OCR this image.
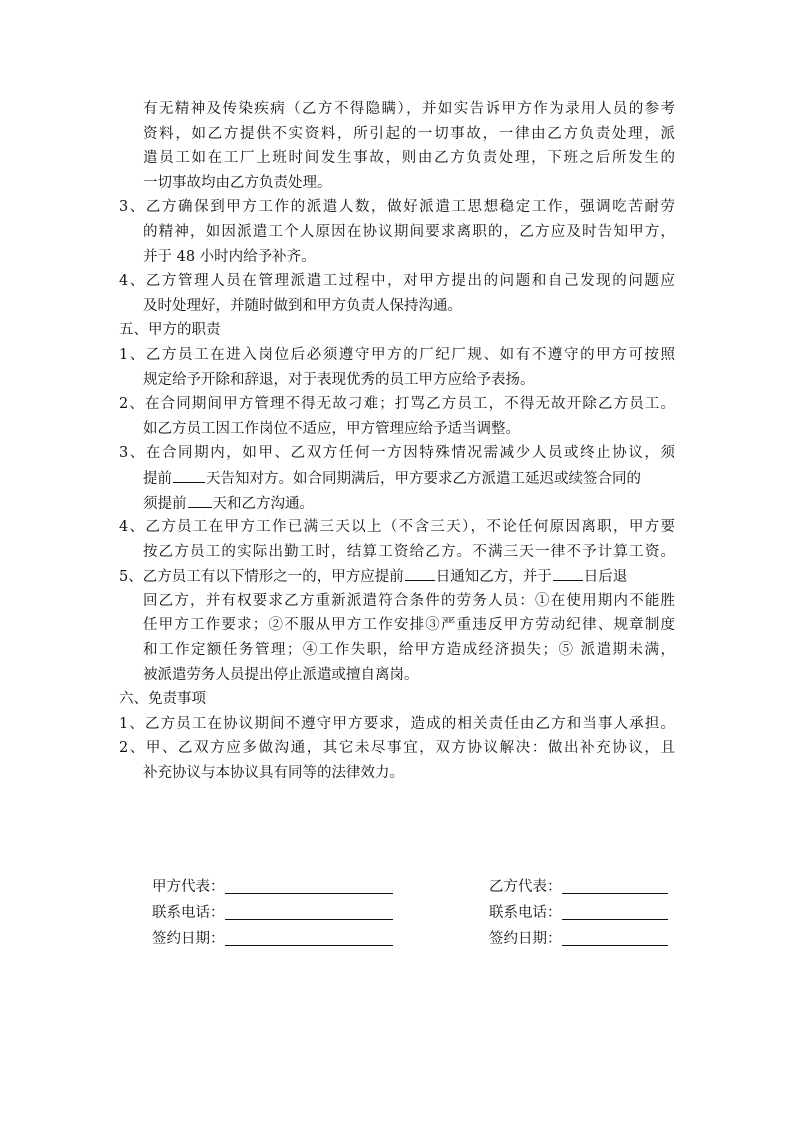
有无精神及传染疾病（乙方不得隐瞒），并如实告诉甲方作为录用人员的参考
资料，如乙方提供不实资料，所引起的一切事故，一律由乙方负责处理，派
遣员工如在工厂上班时间发生事故，则由乙方负责处理，下班之后所发生的
一切事故均由乙方负责处理。
3、乙方确保到甲方工作的派遣人数，做好派遣工思想稳定工作，强调吃苦耐劳
的精神，如因派遣工个人原因在协议期间要求离职的，乙方应及时告知甲方，
并于 48 小时内给予补齐。
4、乙方管理人员在管理派遣工过程中，对甲方提出的问题和自己发现的问题应
及时处理好，并随时做到和甲方负责人保持沟通。
五、甲方的职责
1、乙方员工在进入岗位后必须遵守甲方的厂纪厂规、如有不遵守的甲方可按照
规定给予开除和辞退，对于表现优秀的员工甲方应给予表扬。
2、在合同期间甲方管理不得无故刁难；打骂乙方员工，不得无故开除乙方员工。
如乙方员工因工作岗位不适应，甲方管理应给予适当调整。
3、在合同期内，如甲、乙双方任何一方因特殊情况需减少人员或终止协议，须
提前 天告知对方。如合同期满后，甲方要求乙方派遣工延迟或续签合同的
须提前 天和乙方沟通。
4、乙方员工在甲方工作已满三天以上（不含三天），不论任何原因离职，甲方要
按乙方员工的实际出勤工时，结算工资给乙方。不满三天一律不予计算工资。
5、乙方员工有以下情形之一的，甲方应提前 日通知乙方，并于 日后退
回乙方，并有权要求乙方重新派遣符合条件的劳务人员：①在使用期内不能胜
任甲方工作要求；②不服从甲方工作安排③严重违反甲方劳动纪律、规章制度
和工作定额任务管理；④工作失职，给甲方造成经济损失；⑤ 派遣期未满，
被派遣劳务人员提出停止派遣或擅自离岗。
六、免责事项
1、乙方员工在协议期间不遵守甲方要求，造成的相关责任由乙方和当事人承担。
2、甲、乙双方应多做沟通，其它未尽事宜，双方协议解决：做出补充协议，且
补充协议与本协议具有同等的法律效力。
甲方代表：
联系电话：
签约日期：
乙方代表：
联系电话：
签约日期：
